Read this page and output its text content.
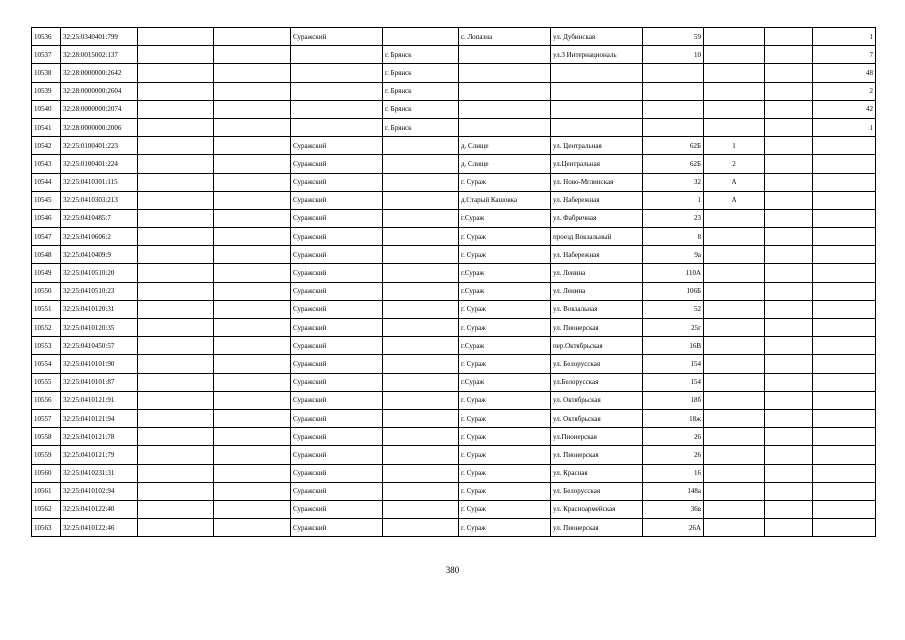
10536	32:25:0340401:799			Суражский		с. Лопазна	ул. Дубинская	59			1
10537	32:28:0015002:137				г. Брянск		ул.3 Интернациональ	10			7
10538	32:28:0000000:2642				г. Брянск						48
10539	32:28:0000000:2604				г. Брянск						2
10540	32:28:0000000:2074				г. Брянск						42
10541	32:28:0000000:2006				г. Брянск						1
10542	32:25:0100401:223			Суражский		д. Слище	ул. Центральная	62Б	1		
10543	32:25:0100401:224			Суражский		д. Слище	ул.Центральная	62Б	2		
10544	32:25:0410301:115			Суражский		г. Сураж	ул. Ново-Мглинская	32	А		
10545	32:25:0410303:213			Суражский		д.Старый Кашовка	ул. Набережная	1	А		
10546	32:25:0410485:7			Суражский		г.Сураж	ул. Фабричная	23			
10547	32:25:0410606:2			Суражский		г. Сураж	проезд Вокзальный	8			
10548	32:25:0410409:9			Суражский		г. Сураж	ул. Набережная	9а			
10549	32:25:0410510:20			Суражский		г.Сураж	ул. Ленина	110А			
10550	32:25:0410510:23			Суражский		г.Сураж	ул. Ленина	106Б			
10551	32:25:0410120:31			Суражский		г. Сураж	ул. Вокзальная	52			
10552	32:25:0410120:35			Суражский		г. Сураж	ул. Пионерская	25г			
10553	32:25:0410450:57			Суражский		г.Сураж	пер.Октябрьская	16В			
10554	32:25:0410101:90			Суражский		г. Сураж	ул. Белорусская	154			
10555	32:25:0410101:87			Суражский		г.Сураж	ул.Белорусская	154			
10556	32:25:0410121:91			Суражский		г. Сураж	ул. Октябрьская	18б			
10557	32:25:0410121:94			Суражский		г. Сураж	ул. Октябрьская	18ж			
10558	32:25:0410121:78			Суражский		г. Сураж	ул.Пионерская	26			
10559	32:25:0410121:79			Суражский		г. Сураж	ул. Пионерская	26			
10560	32:25:0410231:31			Суражский		г. Сураж	ул. Красная	16			
10561	32:25:0410102:94			Суражский		г. Сураж	ул. Белорусская	148а			
10562	32:25:0410122:40			Суражский		г. Сураж	ул. Красноармейская	36в			
10563	32:25:0410122:46			Суражский		г. Сураж	ул. Пионерская	26А			
380
